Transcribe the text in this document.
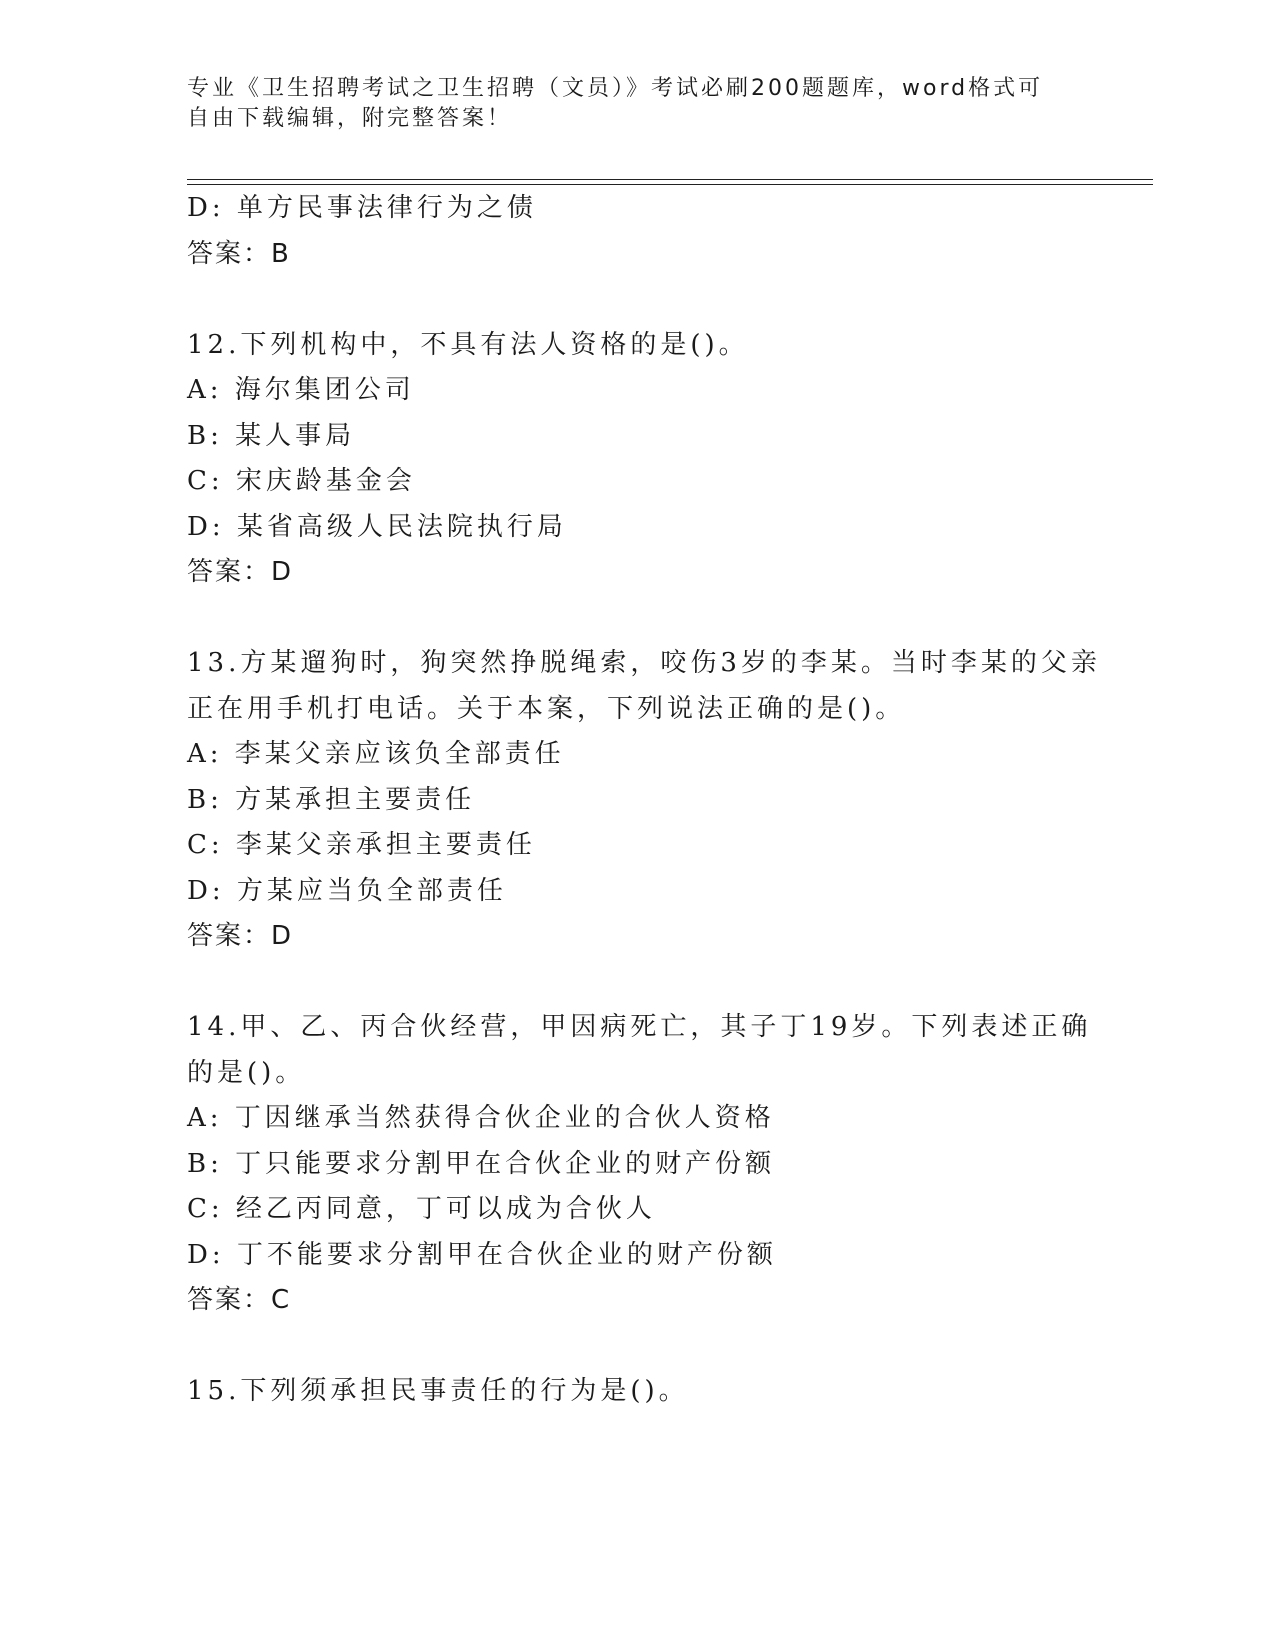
专业《卫生招聘考试之卫生招聘（文员）》考试必刷200题题库，word格式可自由下载编辑，附完整答案！
D: 单方民事法律行为之债
答案：B
12.下列机构中，不具有法人资格的是()。
A: 海尔集团公司
B: 某人事局
C: 宋庆龄基金会
D: 某省高级人民法院执行局
答案：D
13.方某遛狗时，狗突然挣脱绳索，咬伤3岁的李某。当时李某的父亲
正在用手机打电话。关于本案，下列说法正确的是()。
A: 李某父亲应该负全部责任
B: 方某承担主要责任
C: 李某父亲承担主要责任
D: 方某应当负全部责任
答案：D
14.甲、乙、丙合伙经营，甲因病死亡，其子丁19岁。下列表述正确
的是()。
A: 丁因继承当然获得合伙企业的合伙人资格
B: 丁只能要求分割甲在合伙企业的财产份额
C: 经乙丙同意，丁可以成为合伙人
D: 丁不能要求分割甲在合伙企业的财产份额
答案：C
15.下列须承担民事责任的行为是()。
